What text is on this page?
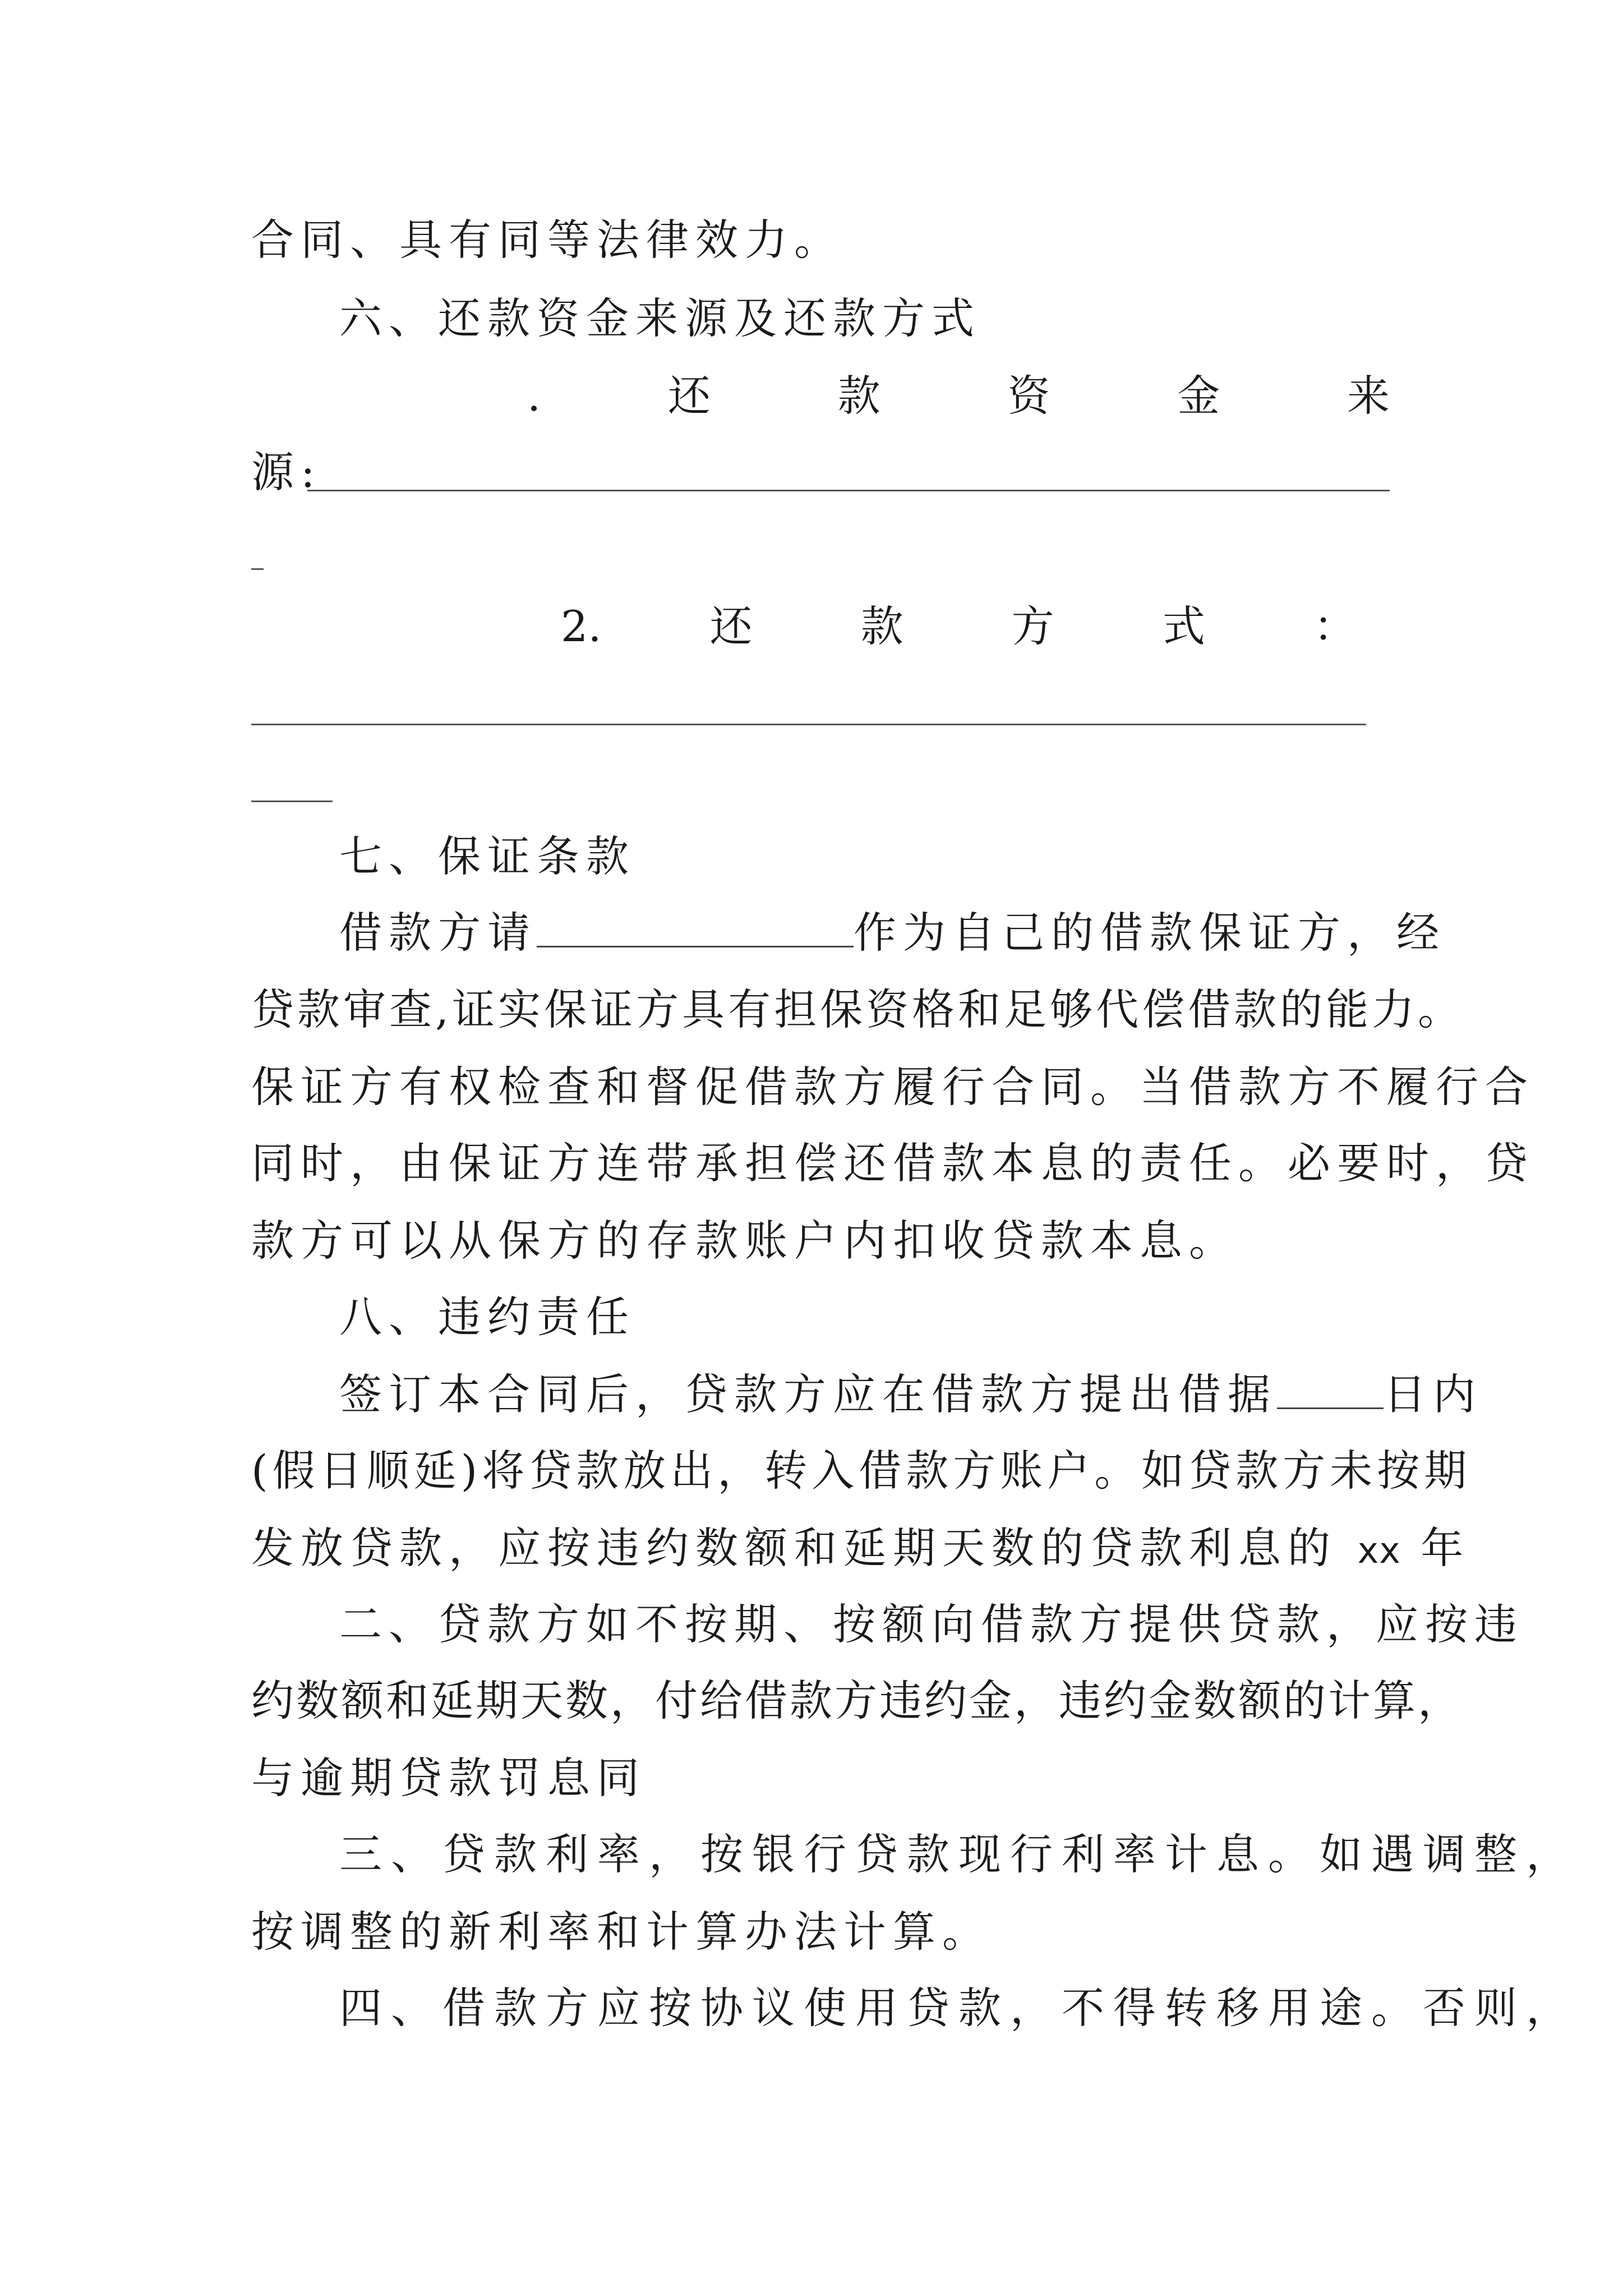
合同、具有同等法律效力。
六、还款资金来源及还款方式
.	还	款	资	金	来
源:
2.	还	款	方	式	：
七、保证条款
借款方请	作为自己的借款保证方，经
贷款审查,证实保证方具有担保资格和足够代偿借款的能力。
保证方有权检查和督促借款方履行合同。当借款方不履行合
同时，由保证方连带承担偿还借款本息的责任。必要时，贷
款方可以从保方的存款账户内扣收贷款本息。
八、违约责任
签订本合同后，贷款方应在借款方提出借据	日内
(假日顺延)将贷款放出，转入借款方账户。如贷款方未按期
发放贷款，应按违约数额和延期天数的贷款利息的 xx 年
二、贷款方如不按期、按额向借款方提供贷款，应按违
约数额和延期天数，付给借款方违约金，违约金数额的计算，
与逾期贷款罚息同
三、贷款利率，按银行贷款现行利率计息。如遇调整，
按调整的新利率和计算办法计算。
四、借款方应按协议使用贷款，不得转移用途。否则，
